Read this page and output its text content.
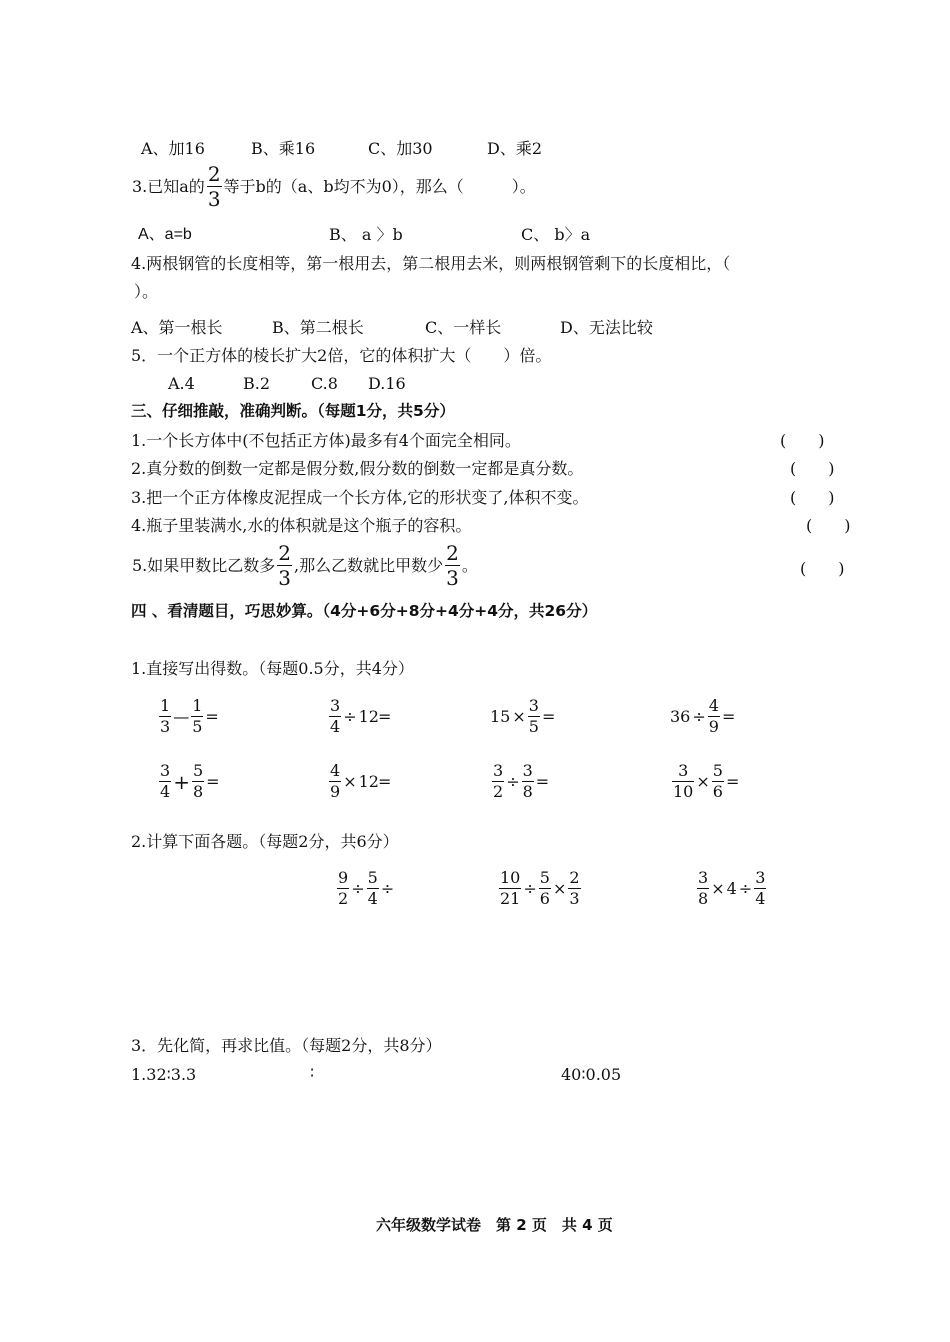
A、加16	B、乘16	C、加30	D、乘2
3.已知a的 $\frac{2}{3}$ 等于b的（a、b均不为0），那么（　　　）。
A、a=b	B、 a 〉b	C、 b〉a
4.两根钢管的长度相等，第一根用去，第二根用去米，则两根钢管剩下的长度相比，（
）。
A、第一根长	B、第二根长	C、一样长	D、无法比较
5．一个正方体的棱长扩大2倍，它的体积扩大（　　）倍。
A.4	B.2	C.8 D.16
三、仔细推敲，准确判断。（每题1分，共5分）
1.一个长方体中(不包括正方体)最多有4个面完全相同。	(　　)
2.真分数的倒数一定都是假分数,假分数的倒数一定都是真分数。	(　　)
3.把一个正方体橡皮泥捏成一个长方体,它的形状变了,体积不变。	(　　)
4.瓶子里装满水,水的体积就是这个瓶子的容积。	(　　)
5.如果甲数比乙数多 $\frac{2}{3}$ ,那么乙数就比甲数少 $\frac{2}{3}$ 。	(　　)
四 、看清题目，巧思妙算。（4分+6分+8分+4分+4分，共26分）
1.直接写出得数。（每题0.5分，共4分）
$\frac{1}{3}$ — $\frac{1}{5}$ =	$\frac{3}{4} \div 12$ =	$15 \times \frac{3}{5}$ =	$36 \div \frac{4}{9}$ =
$\frac{3}{4} + \frac{5}{8}$ =	$\frac{4}{9} \times 12$ =	$\frac{3}{2} \div \frac{3}{8}$ =	$\frac{3}{10} \times \frac{5}{6}$ =
2.计算下面各题。（每题2分，共6分）
$\frac{9}{2} \div \frac{5}{4}$ ÷	$\frac{10}{21} \div \frac{5}{6} \times \frac{2}{3}$	$\frac{3}{8} \times 4 \div \frac{3}{4}$
3．先化简，再求比值。（每题2分，共8分）
1.32∶3.3	∶	40∶0.05
六年级数学试卷　第 2 页　共 4 页
